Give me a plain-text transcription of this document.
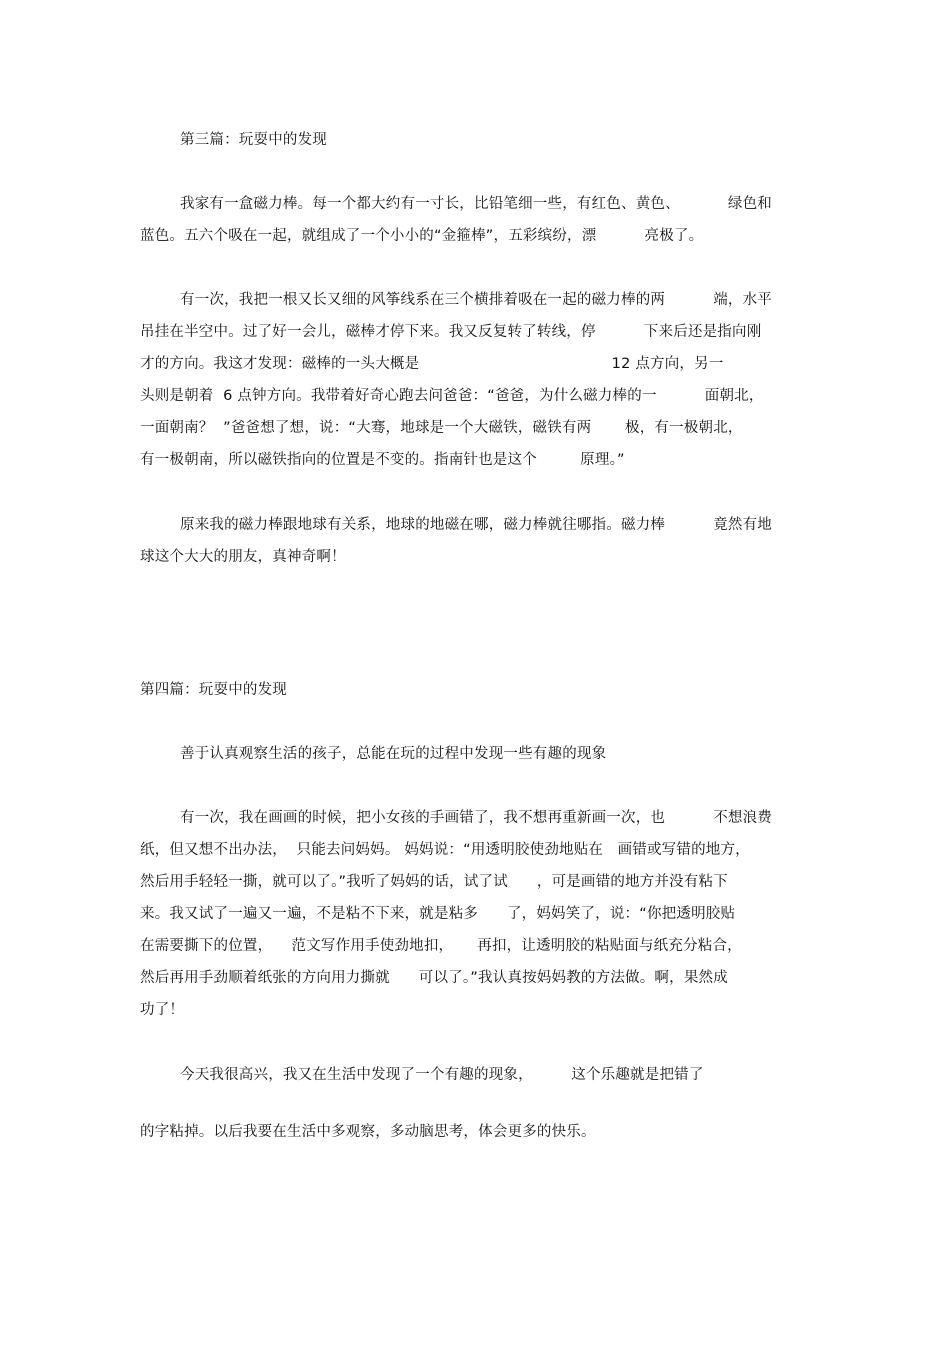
第三篇：玩耍中的发现
我家有一盒磁力棒。每一个都大约有一寸长，比铅笔细一些，有红色、黄色、          绿色和
蓝色。五六个吸在一起，就组成了一个小小的“金箍棒”，五彩缤纷，漂          亮极了。
有一次，我把一根又长又细的风筝线系在三个横排着吸在一起的磁力棒的两          端，水平
吊挂在半空中。过了好一会儿，磁棒才停下来。我又反复转了转线，停          下来后还是指向刚
才的方向。我这才发现：磁棒的一头大概是                                        12 点方向，另一
头则是朝着  6 点钟方向。我带着好奇心跑去问爸爸：“爸爸，为什么磁力棒的一          面朝北，
一面朝南？  ”爸爸想了想，说：“大骞，地球是一个大磁铁，磁铁有两       极，有一极朝北，
有一极朝南，所以磁铁指向的位置是不变的。指南针也是这个         原理。”
原来我的磁力棒跟地球有关系，地球的地磁在哪，磁力棒就往哪指。磁力棒          竟然有地
球这个大大的朋友，真神奇啊！
第四篇：玩耍中的发现
善于认真观察生活的孩子，总能在玩的过程中发现一些有趣的现象
有一次，我在画画的时候，把小女孩的手画错了，我不想再重新画一次，也          不想浪费
纸，但又想不出办法，  只能去问妈妈。 妈妈说：“用透明胶使劲地贴在   画错或写错的地方，
然后用手轻轻一撕，就可以了。”我听了妈妈的话，试了试      ，可是画错的地方并没有粘下
来。我又试了一遍又一遍，不是粘不下来，就是粘多      了，妈妈笑了，说：“你把透明胶贴
在需要撕下的位置，    范文写作用手使劲地扣，     再扣，让透明胶的粘贴面与纸充分粘合，
然后再用手劲顺着纸张的方向用力撕就      可以了。”我认真按妈妈教的方法做。啊，果然成
功了！
今天我很高兴，我又在生活中发现了一个有趣的现象，        这个乐趣就是把错了
的字粘掉。以后我要在生活中多观察，多动脑思考，体会更多的快乐。
